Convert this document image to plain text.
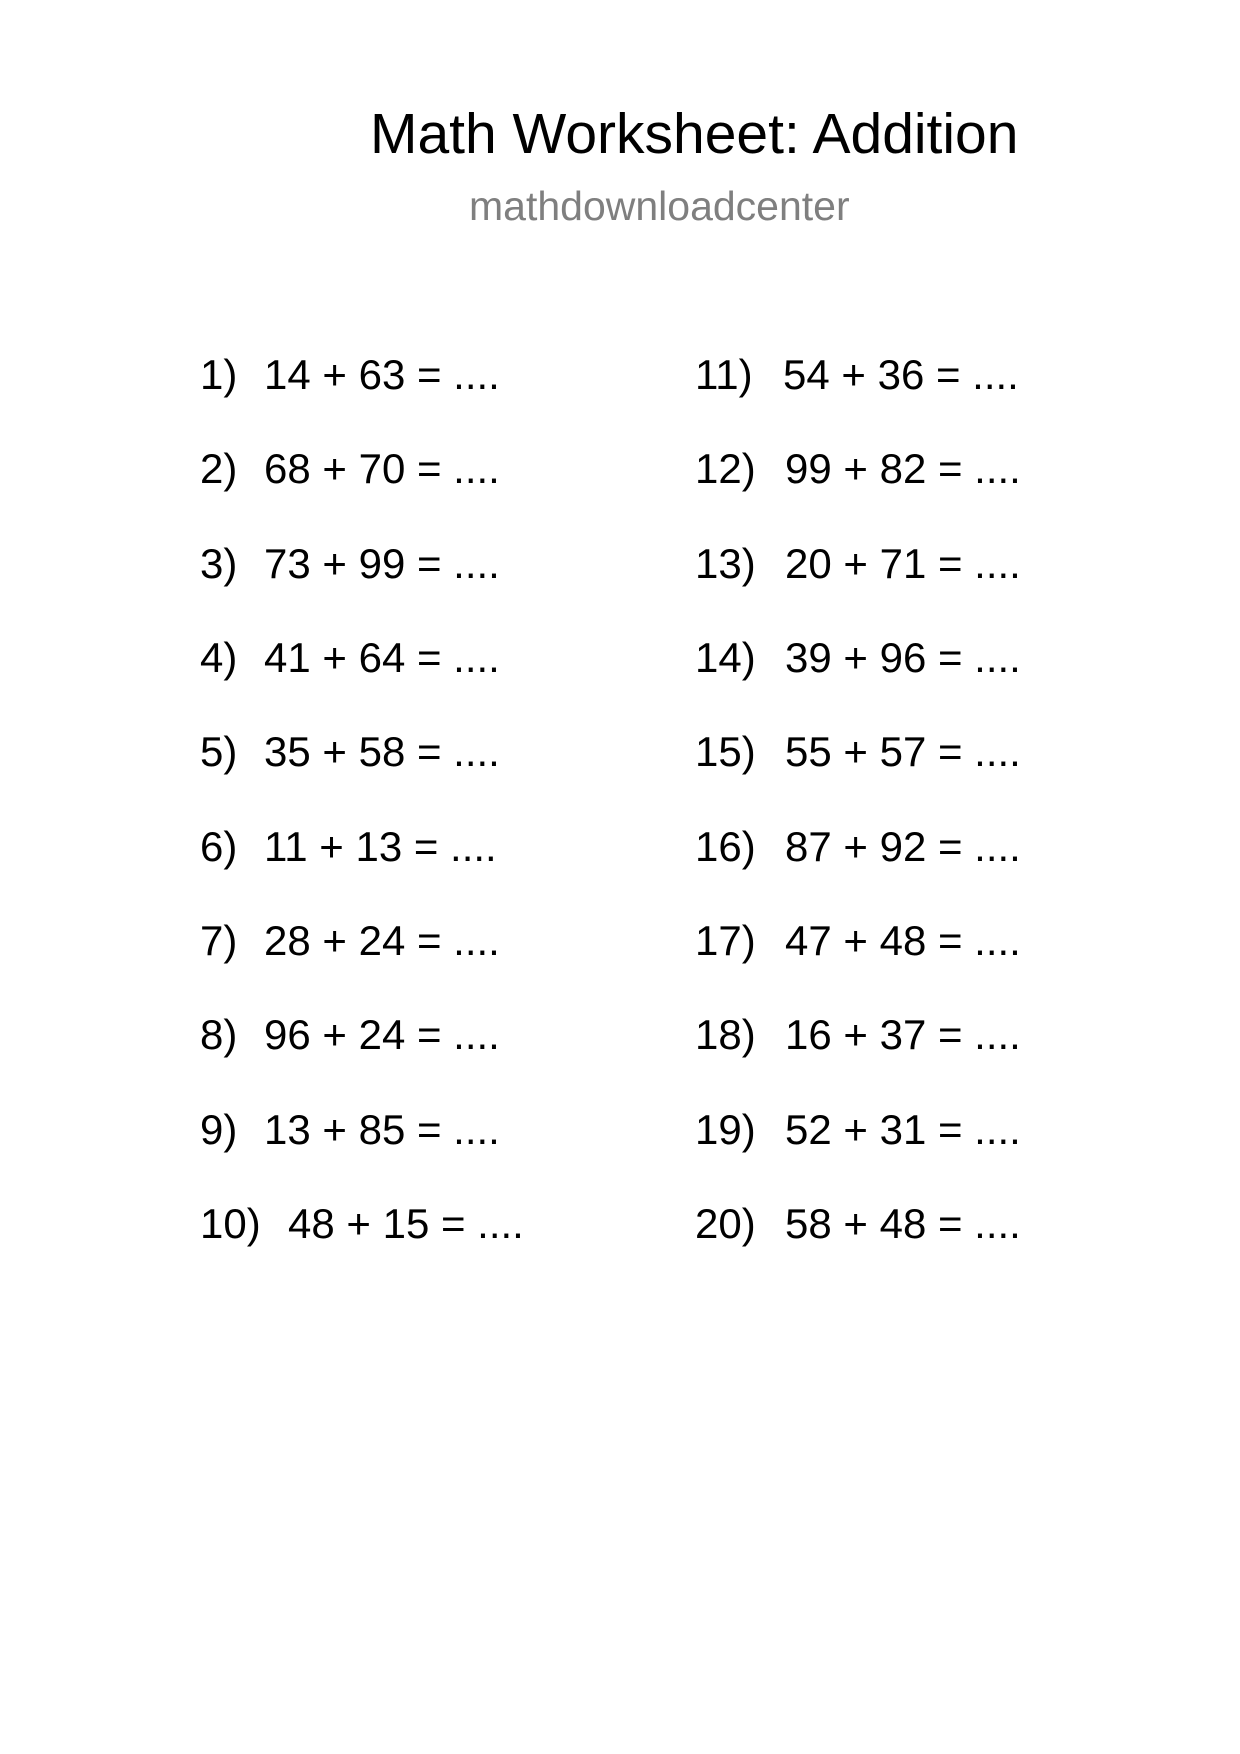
Math Worksheet: Addition
mathdownloadcenter
1) 14 + 63 = ....
2) 68 + 70 = ....
3) 73 + 99 = ....
4) 41 + 64 = ....
5) 35 + 58 = ....
6) 11 + 13 = ....
7) 28 + 24 = ....
8) 96 + 24 = ....
9) 13 + 85 = ....
10) 48 + 15 = ....
11) 54 + 36 = ....
12) 99 + 82 = ....
13) 20 + 71 = ....
14) 39 + 96 = ....
15) 55 + 57 = ....
16) 87 + 92 = ....
17) 47 + 48 = ....
18) 16 + 37 = ....
19) 52 + 31 = ....
20) 58 + 48 = ....
